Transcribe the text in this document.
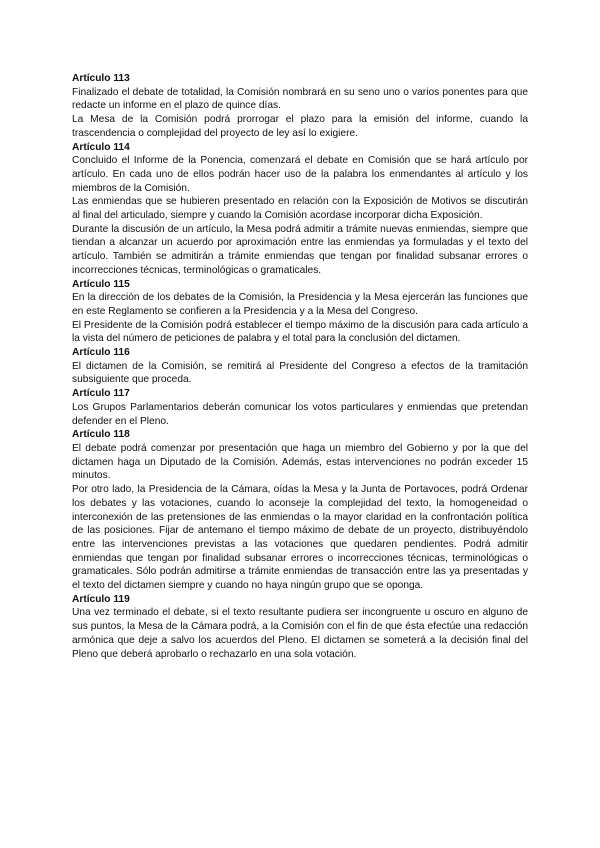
Artículo 113

Finalizado el debate de totalidad, la Comisión nombrará en su seno uno o varios ponentes para que redacte un informe en el plazo de quince días.

La Mesa de la Comisión podrá prorrogar el plazo para la emisión del informe, cuando la trascendencia o complejidad del proyecto de ley así lo exigiere.

Artículo 114

Concluido el Informe de la Ponencia, comenzará el debate en Comisión que se hará artículo por artículo. En cada uno de ellos podrán hacer uso de la palabra los enmendantes al artículo y los miembros de la Comisión.

Las enmiendas que se hubieren presentado en relación con la Exposición de Motivos se discutirán al final del articulado, siempre y cuando la Comisión acordase incorporar dicha Exposición.

Durante la discusión de un artículo, la Mesa podrá admitir a trámite nuevas enmiendas, siempre que tiendan a alcanzar un acuerdo por aproximación entre las enmiendas ya formuladas y el texto del artículo. También se admitirán a trámite enmiendas que tengan por finalidad subsanar errores o incorrecciones técnicas, terminológicas o gramaticales.

Artículo 115

En la dirección de los debates de la Comisión, la Presidencia y la Mesa ejercerán las funciones que en este Reglamento se confieren a la Presidencia y a la Mesa del Congreso.

El Presidente de la Comisión podrá establecer el tiempo máximo de la discusión para cada artículo a la vista del número de peticiones de palabra y el total para la conclusión del dictamen.

Artículo 116

El dictamen de la Comisión, se remitirá al Presidente del Congreso a efectos de la tramitación subsiguiente que proceda.

Artículo 117

Los Grupos Parlamentarios deberán comunicar los votos particulares y enmiendas que pretendan defender en el Pleno.

Artículo 118

El debate podrá comenzar por presentación que haga un miembro del Gobierno y por la que del dictamen haga un Diputado de la Comisión. Además, estas intervenciones no podrán exceder 15 minutos.

Por otro lado, la Presidencia de la Cámara, oídas la Mesa y la Junta de Portavoces, podrá Ordenar los debates y las votaciones, cuando lo aconseje la complejidad del texto, la homogeneidad o interconexión de las pretensiones de las enmiendas o la mayor claridad en la confrontación política de las posiciones. Fijar de antemano el tiempo máximo de debate de un proyecto, distribuyéndolo entre las intervenciones previstas a las votaciones que quedaren pendientes. Podrá admitir enmiendas que tengan por finalidad subsanar errores o incorrecciones técnicas, terminológicas o gramaticales. Sólo podrán admitirse a trámite enmiendas de transacción entre las ya presentadas y el texto del dictamen siempre y cuando no haya ningún grupo que se oponga.

Artículo 119

Una vez terminado el debate, si el texto resultante pudiera ser incongruente u oscuro en alguno de sus puntos, la Mesa de la Cámara podrá, a la Comisión con el fin de que ésta efectúe una redacción armónica que deje a salvo los acuerdos del Pleno. El dictamen se someterá a la decisión final del Pleno que deberá aprobarlo o rechazarlo en una sola votación.
